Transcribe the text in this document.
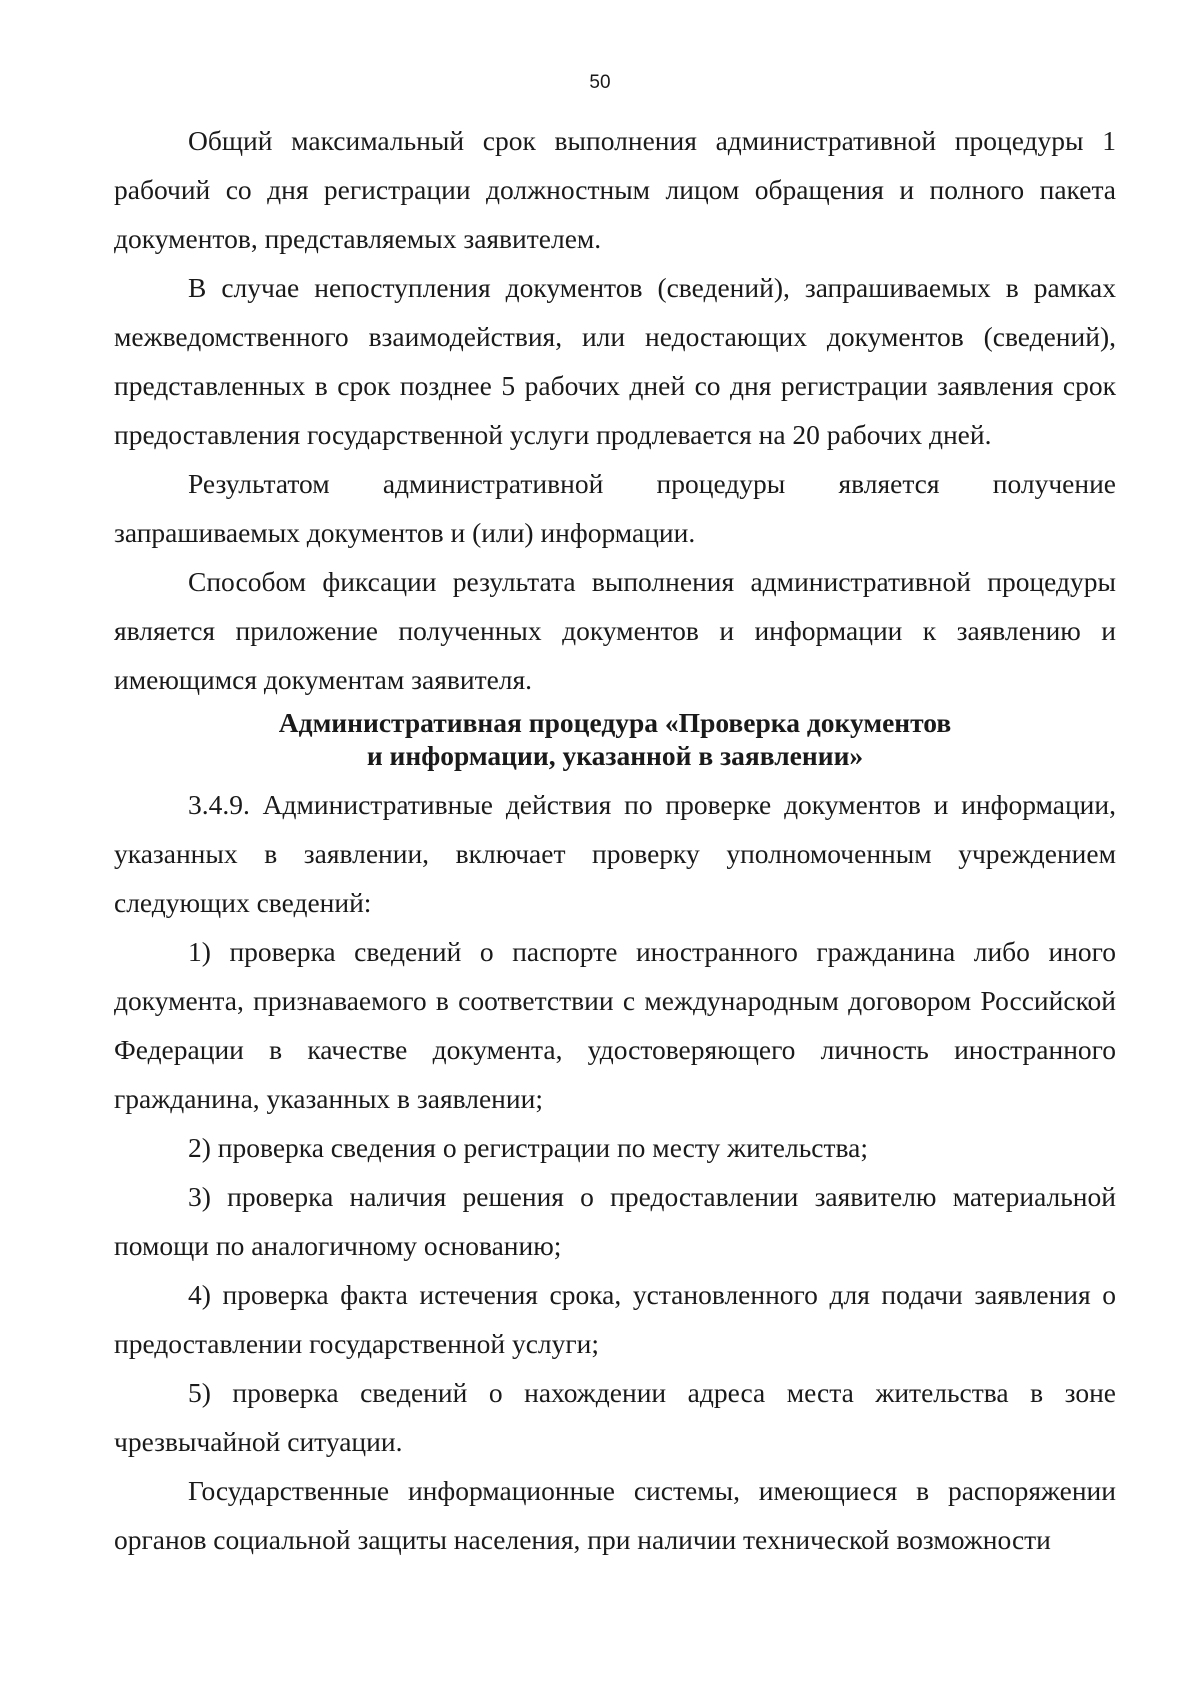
50

Общий максимальный срок выполнения административной процедуры 1 рабочий со дня регистрации должностным лицом обращения и полного пакета документов, представляемых заявителем.

В случае непоступления документов (сведений), запрашиваемых в рамках межведомственного взаимодействия, или недостающих документов (сведений), представленных в срок позднее 5 рабочих дней со дня регистрации заявления срок предоставления государственной услуги продлевается на 20 рабочих дней.

Результатом административной процедуры является получение запрашиваемых документов и (или) информации.

Способом фиксации результата выполнения административной процедуры является приложение полученных документов и информации к заявлению и имеющимся документам заявителя.

Административная процедура «Проверка документов
и информации, указанной в заявлении»

3.4.9. Административные действия по проверке документов и информации, указанных в заявлении, включает проверку уполномоченным учреждением следующих сведений:

1) проверка сведений о паспорте иностранного гражданина либо иного документа, признаваемого в соответствии с международным договором Российской Федерации в качестве документа, удостоверяющего личность иностранного гражданина, указанных в заявлении;

2) проверка сведения о регистрации по месту жительства;

3) проверка наличия решения о предоставлении заявителю материальной помощи по аналогичному основанию;

4) проверка факта истечения срока, установленного для подачи заявления о предоставлении государственной услуги;

5) проверка сведений о нахождении адреса места жительства в зоне чрезвычайной ситуации.

Государственные информационные системы, имеющиеся в распоряжении органов социальной защиты населения, при наличии технической возможности
